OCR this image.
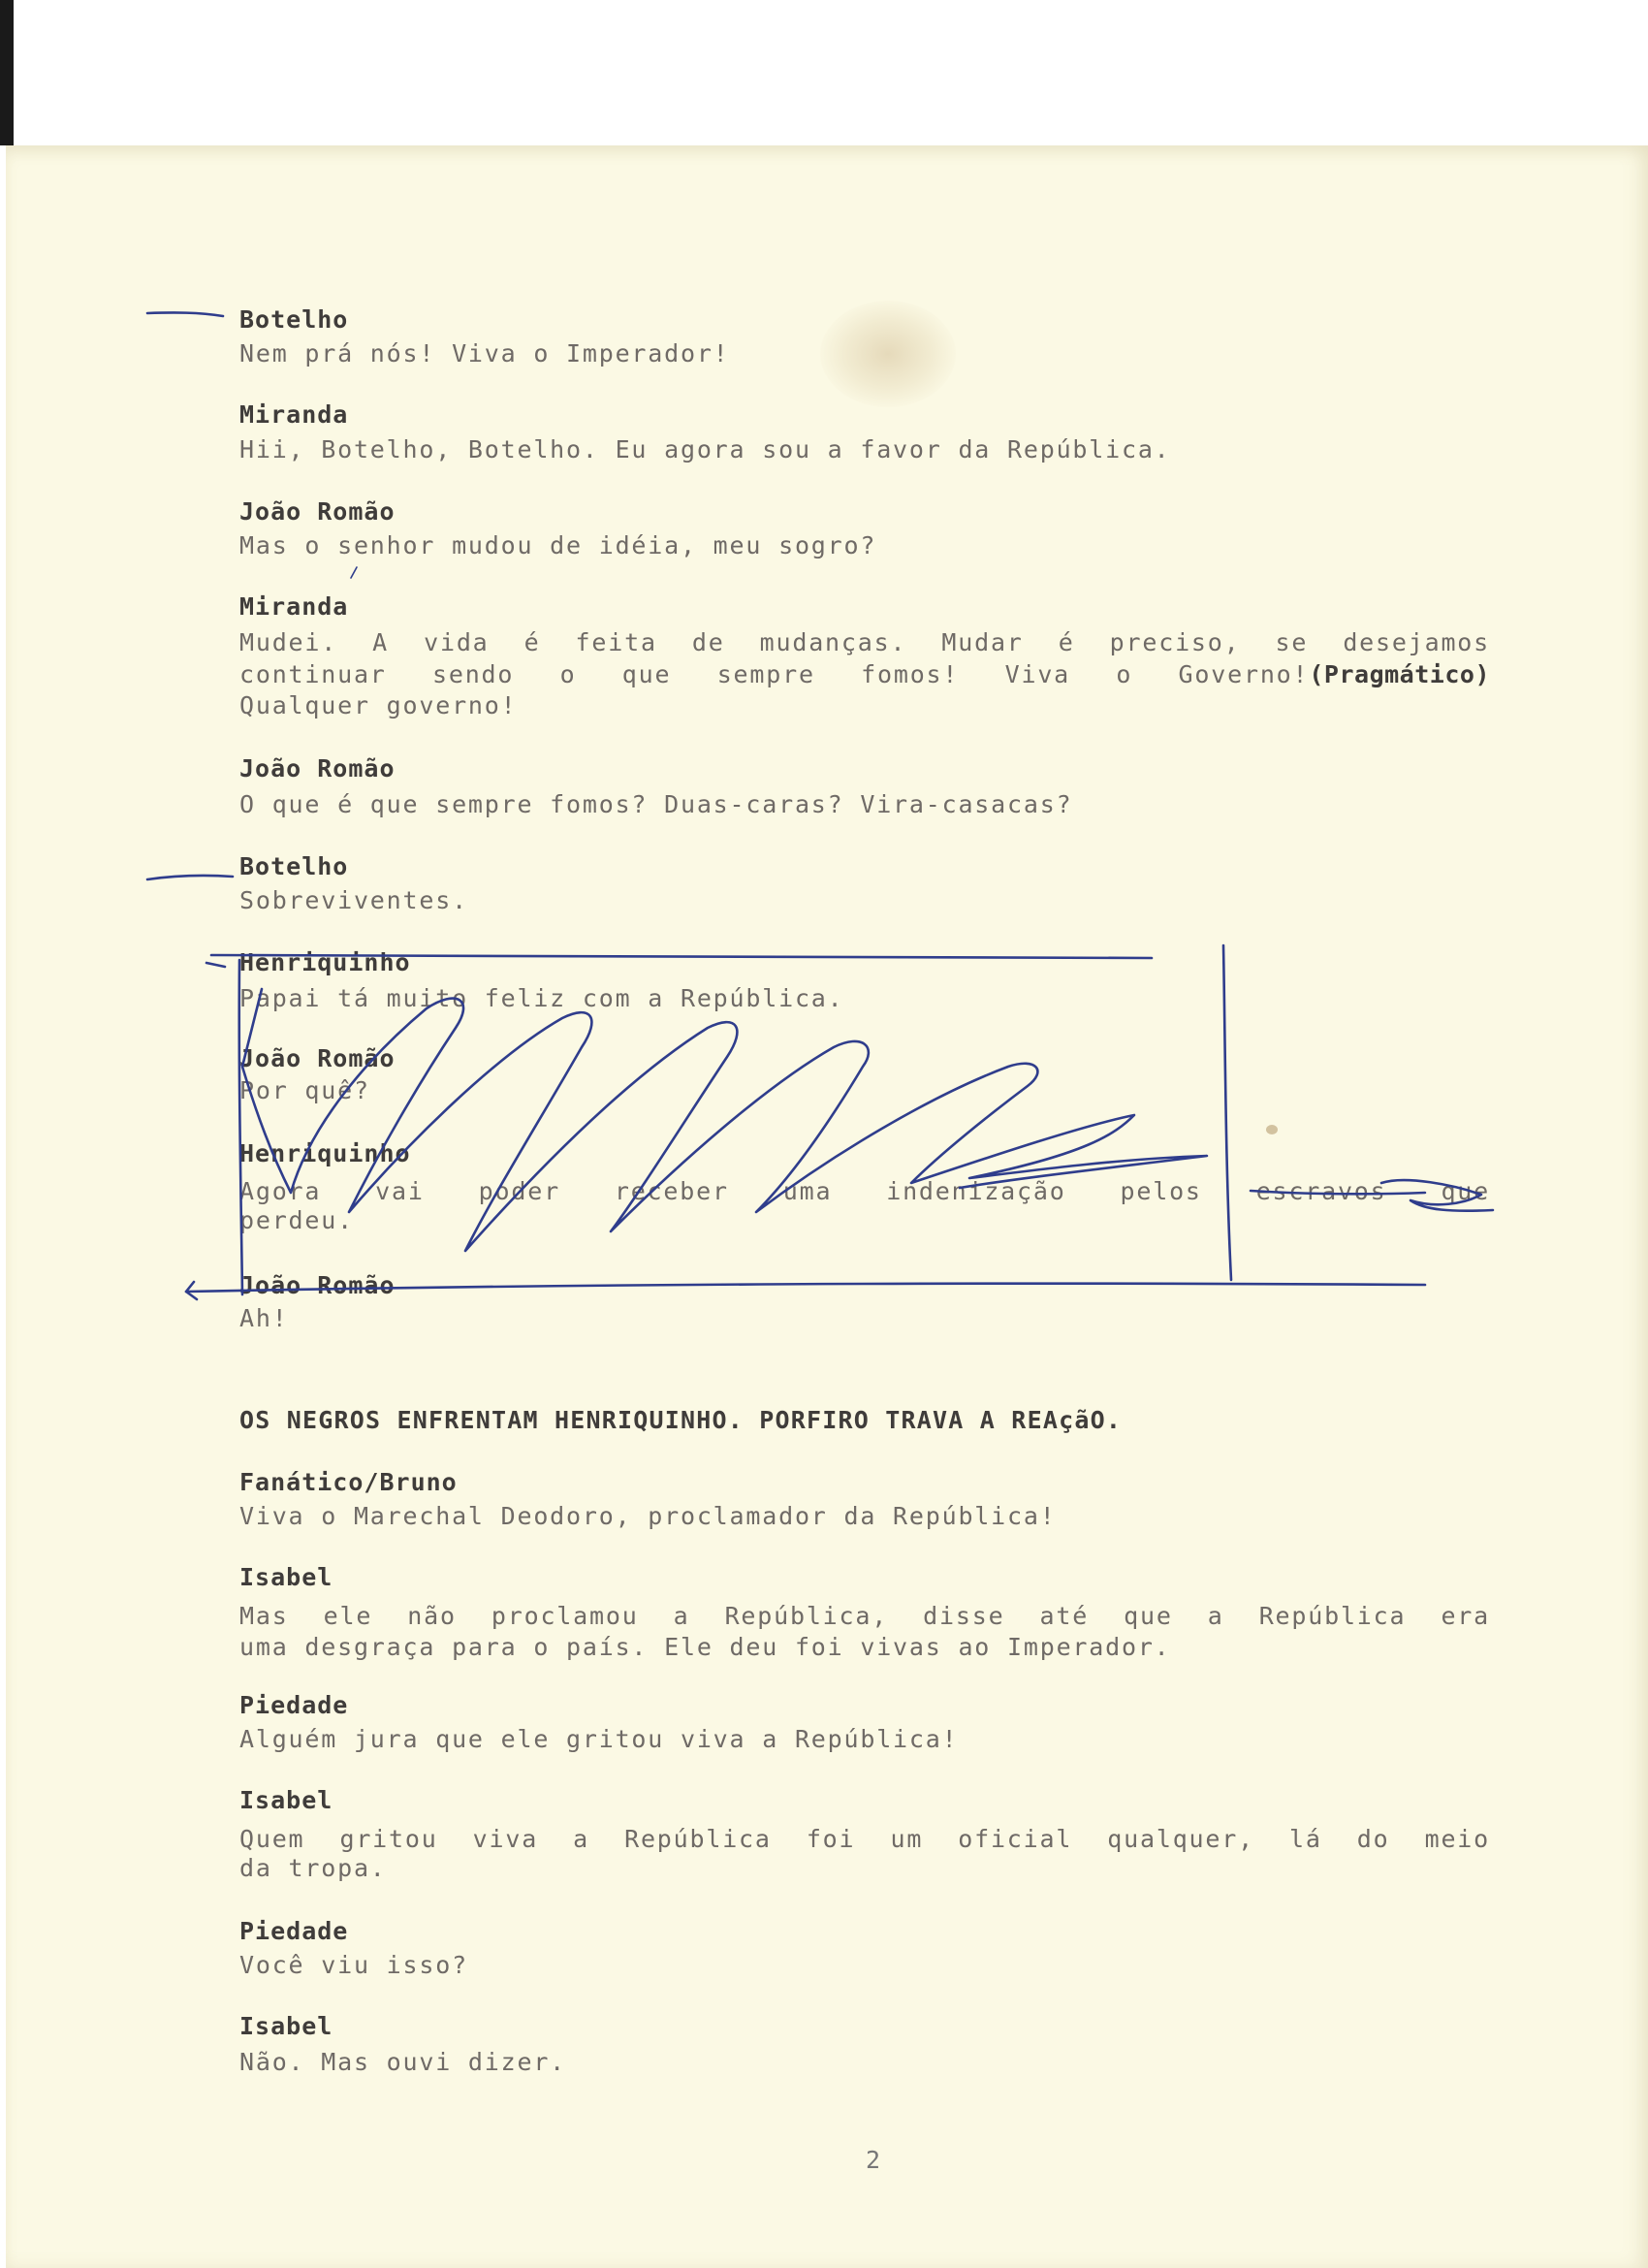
Botelho
Nem prá nós! Viva o Imperador!
Miranda
Hii, Botelho, Botelho. Eu agora sou a favor da República.
João Romão
Mas o senhor mudou de idéia, meu sogro?
Miranda
Mudei. A vida é feita de mudanças. Mudar é preciso, se desejamos
continuar sendo o que sempre fomos! Viva o Governo!(Pragmático)
Qualquer governo!
João Romão
O que é que sempre fomos? Duas-caras? Vira-casacas?
Botelho
Sobreviventes.
Henriquinho
Papai tá muito feliz com a República.
João Romão
Por quê?
Henriquinho
Agora vai poder receber uma indenização pelos escravos que
perdeu.
João Romão
Ah!
OS NEGROS ENFRENTAM HENRIQUINHO. PORFIRO TRAVA A REAçãO.
Fanático/Bruno
Viva o Marechal Deodoro, proclamador da República!
Isabel
Mas ele não proclamou a República, disse até que a República era
uma desgraça para o país. Ele deu foi vivas ao Imperador.
Piedade
Alguém jura que ele gritou viva a República!
Isabel
Quem gritou viva a República foi um oficial qualquer, lá do meio
da tropa.
Piedade
Você viu isso?
Isabel
Não. Mas ouvi dizer.
2
